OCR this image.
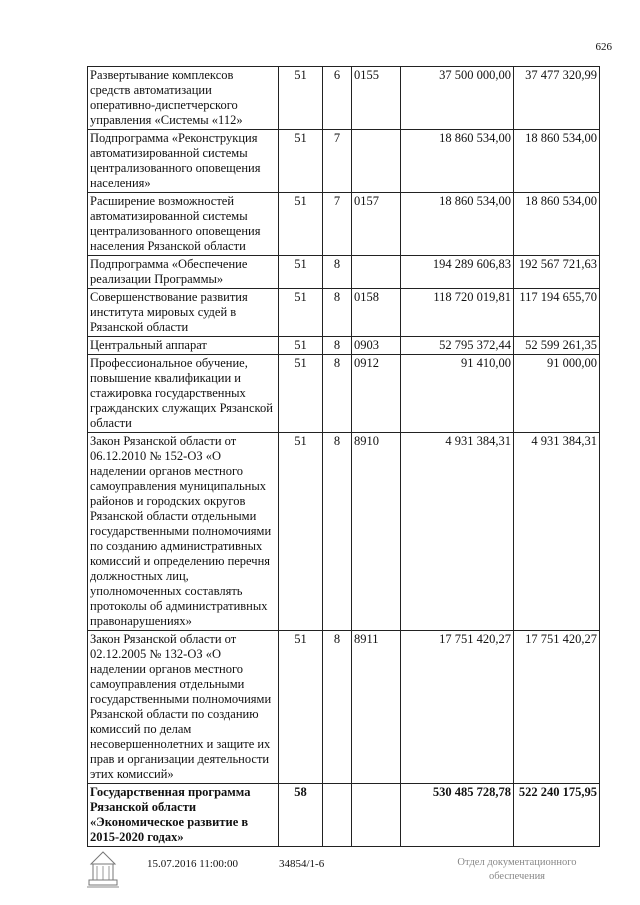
626
Развертывание комплексов средств автоматизации оперативно-диспетчерского управления «Системы «112»	51	6	0155	37 500 000,00	37 477 320,99
Подпрограмма «Реконструкция автоматизированной системы централизованного оповещения населения»	51	7		18 860 534,00	18 860 534,00
Расширение возможностей автоматизированной системы централизованного оповещения населения Рязанской области	51	7	0157	18 860 534,00	18 860 534,00
Подпрограмма «Обеспечение реализации Программы»	51	8		194 289 606,83	192 567 721,63
Совершенствование развития института мировых судей в Рязанской области	51	8	0158	118 720 019,81	117 194 655,70
Центральный аппарат	51	8	0903	52 795 372,44	52 599 261,35
Профессиональное обучение, повышение квалификации и стажировка государственных гражданских служащих Рязанской области	51	8	0912	91 410,00	91 000,00
Закон Рязанской области от 06.12.2010 № 152-ОЗ «О наделении органов местного самоуправления муниципальных районов и городских округов Рязанской области отдельными государственными полномочиями по созданию административных комиссий и определению перечня должностных лиц, уполномоченных составлять протоколы об административных правонарушениях»	51	8	8910	4 931 384,31	4 931 384,31
Закон Рязанской области от 02.12.2005 № 132-ОЗ «О наделении органов местного самоуправления отдельными государственными полномочиями Рязанской области по созданию комиссий по делам несовершеннолетних и защите их прав и организации деятельности этих комиссий»	51	8	8911	17 751 420,27	17 751 420,27
Государственная программа Рязанской области «Экономическое развитие в 2015-2020 годах»	58			530 485 728,78	522 240 175,95
15.07.2016 11:00:00	34854/1-6	Отдел документационного обеспечения
